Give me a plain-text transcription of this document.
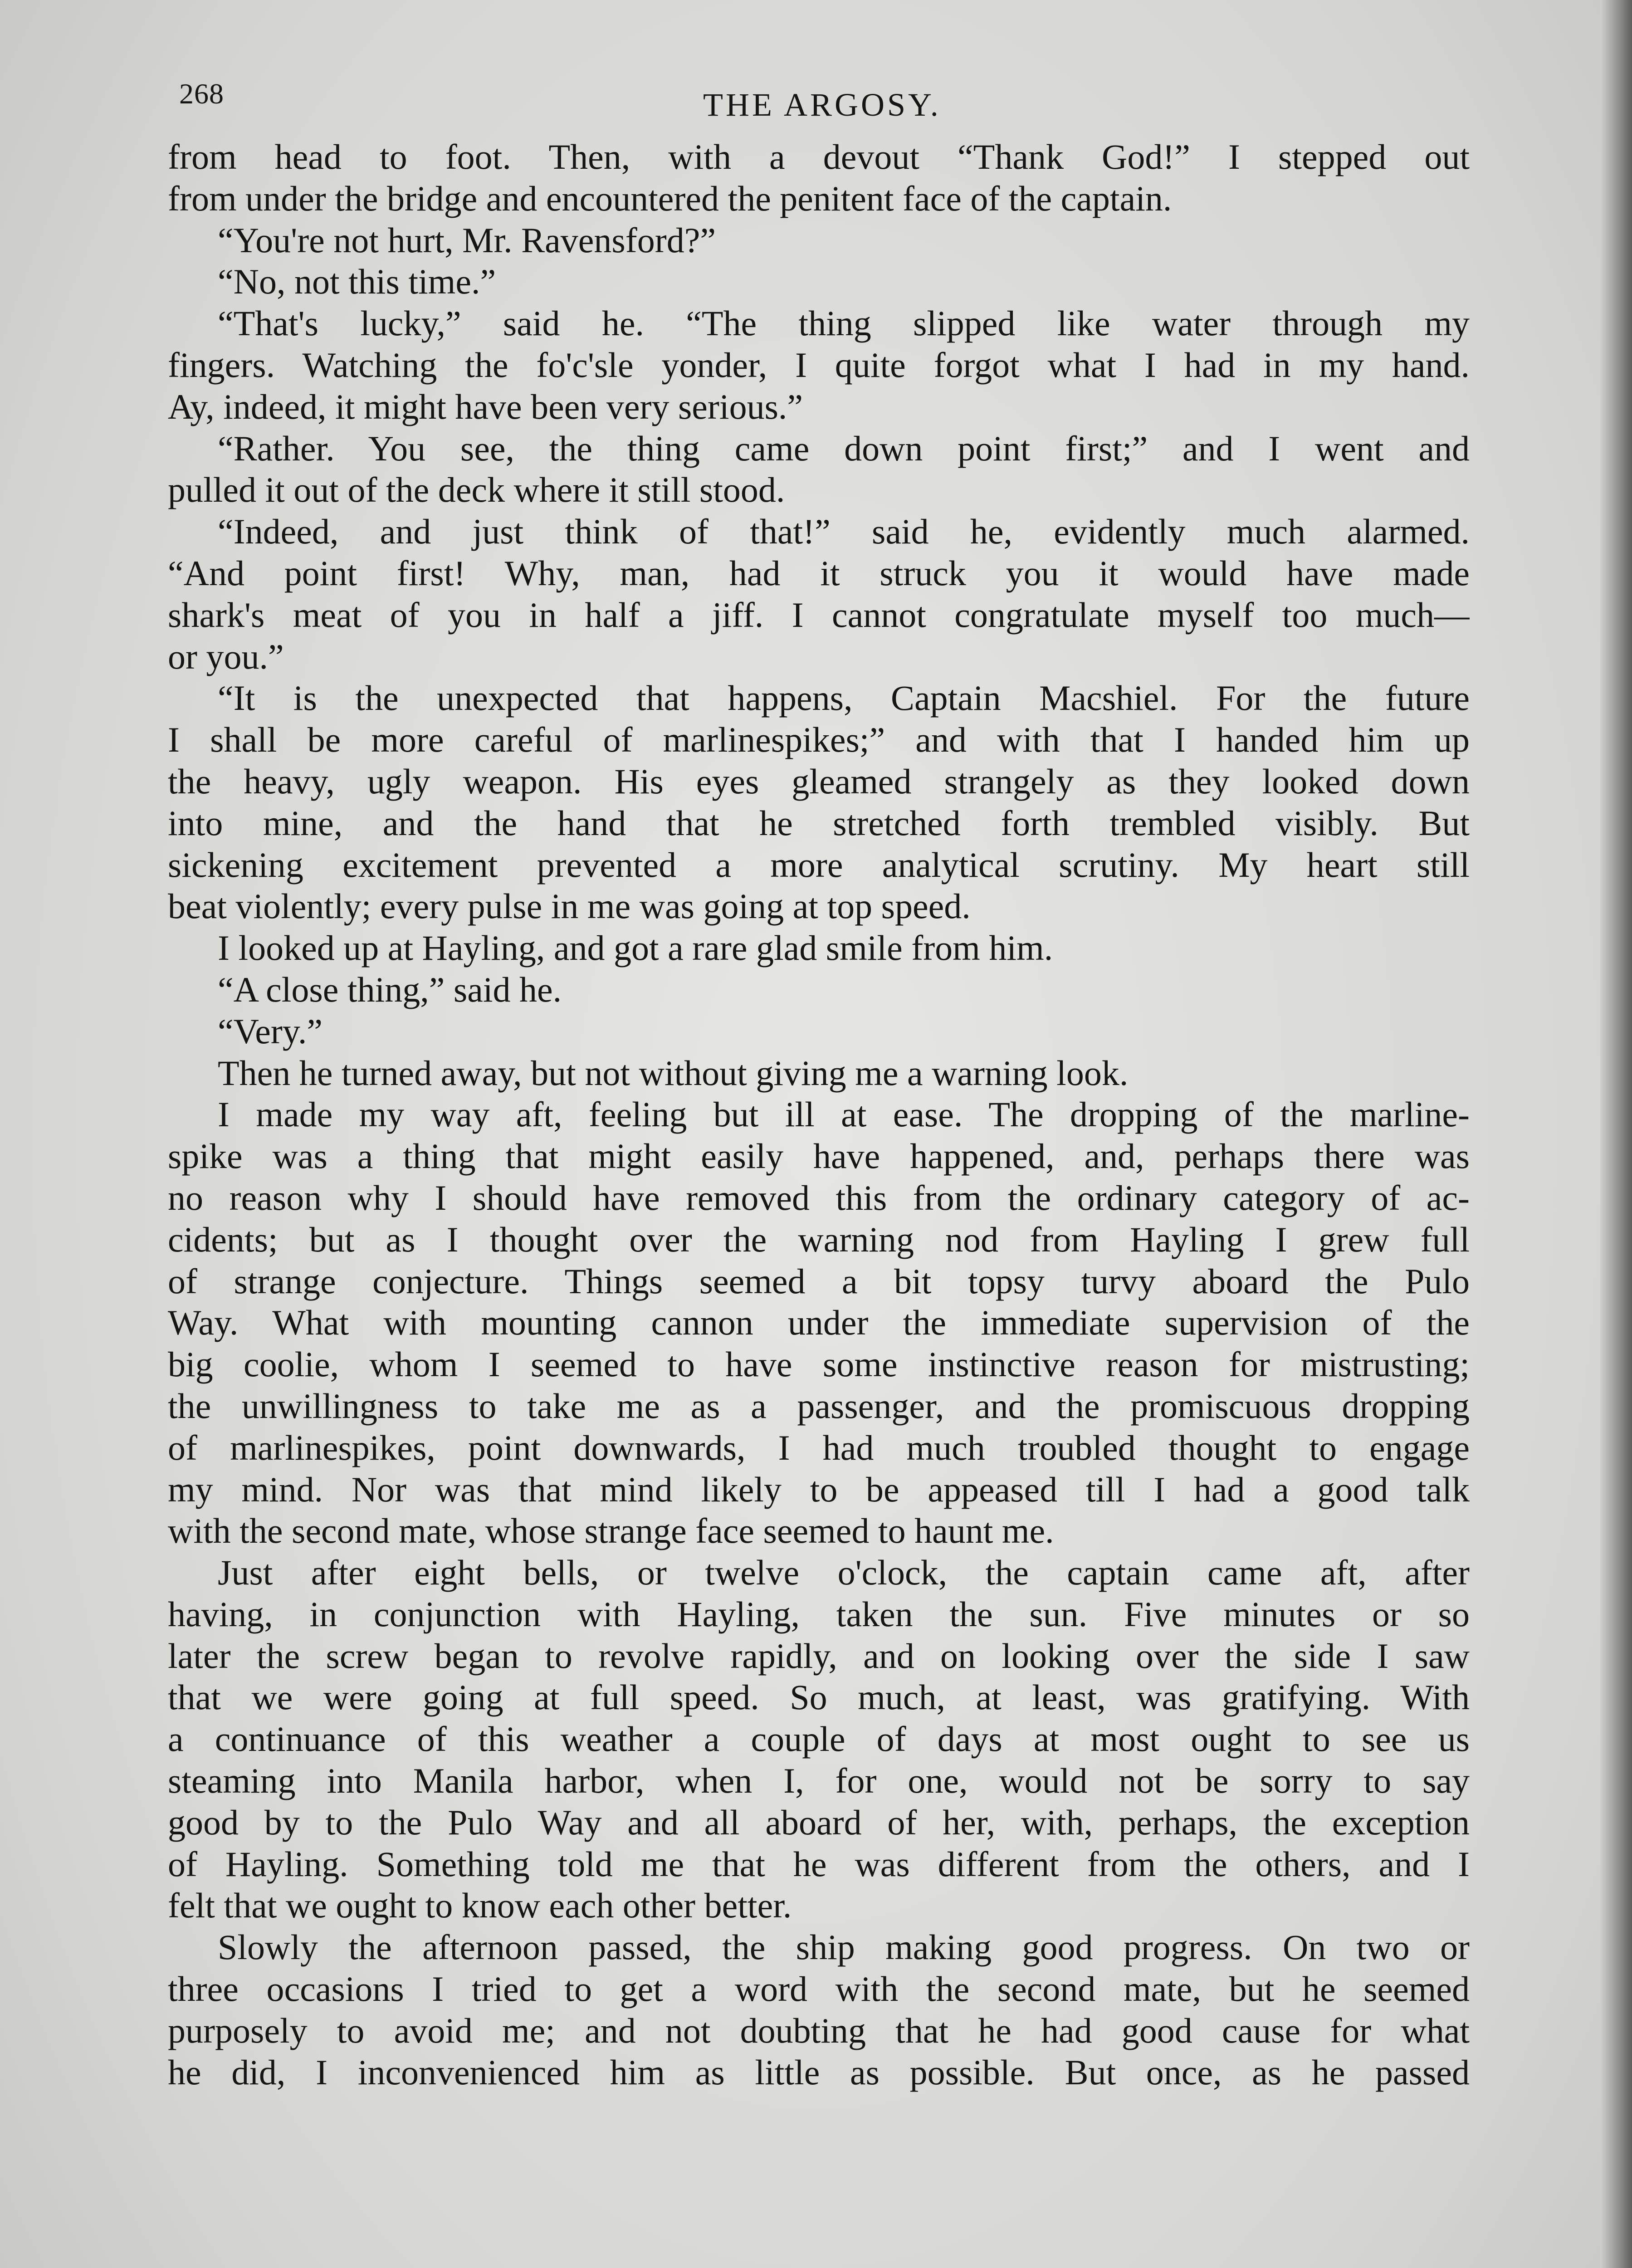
268	THE ARGOSY.
from head to foot. Then, with a devout “Thank God!” I stepped out
from under the bridge and encountered the penitent face of the captain.
“You're not hurt, Mr. Ravensford?”
“No, not this time.”
“That's lucky,” said he. “The thing slipped like water through my
fingers. Watching the fo'c'sle yonder, I quite forgot what I had in my hand.
Ay, indeed, it might have been very serious.”
“Rather. You see, the thing came down point first;” and I went and
pulled it out of the deck where it still stood.
“Indeed, and just think of that!” said he, evidently much alarmed.
“And point first! Why, man, had it struck you it would have made
shark's meat of you in half a jiff. I cannot congratulate myself too much—
or you.”
“It is the unexpected that happens, Captain Macshiel. For the future
I shall be more careful of marlinespikes;” and with that I handed him up
the heavy, ugly weapon. His eyes gleamed strangely as they looked down
into mine, and the hand that he stretched forth trembled visibly. But
sickening excitement prevented a more analytical scrutiny. My heart still
beat violently; every pulse in me was going at top speed.
I looked up at Hayling, and got a rare glad smile from him.
“A close thing,” said he.
“Very.”
Then he turned away, but not without giving me a warning look.
I made my way aft, feeling but ill at ease. The dropping of the marline-
spike was a thing that might easily have happened, and, perhaps there was
no reason why I should have removed this from the ordinary category of ac-
cidents; but as I thought over the warning nod from Hayling I grew full
of strange conjecture. Things seemed a bit topsy turvy aboard the Pulo
Way. What with mounting cannon under the immediate supervision of the
big coolie, whom I seemed to have some instinctive reason for mistrusting;
the unwillingness to take me as a passenger, and the promiscuous dropping
of marlinespikes, point downwards, I had much troubled thought to engage
my mind. Nor was that mind likely to be appeased till I had a good talk
with the second mate, whose strange face seemed to haunt me.
Just after eight bells, or twelve o'clock, the captain came aft, after
having, in conjunction with Hayling, taken the sun. Five minutes or so
later the screw began to revolve rapidly, and on looking over the side I saw
that we were going at full speed. So much, at least, was gratifying. With
a continuance of this weather a couple of days at most ought to see us
steaming into Manila harbor, when I, for one, would not be sorry to say
good by to the Pulo Way and all aboard of her, with, perhaps, the exception
of Hayling. Something told me that he was different from the others, and I
felt that we ought to know each other better.
Slowly the afternoon passed, the ship making good progress. On two or
three occasions I tried to get a word with the second mate, but he seemed
purposely to avoid me; and not doubting that he had good cause for what
he did, I inconvenienced him as little as possible. But once, as he passed
